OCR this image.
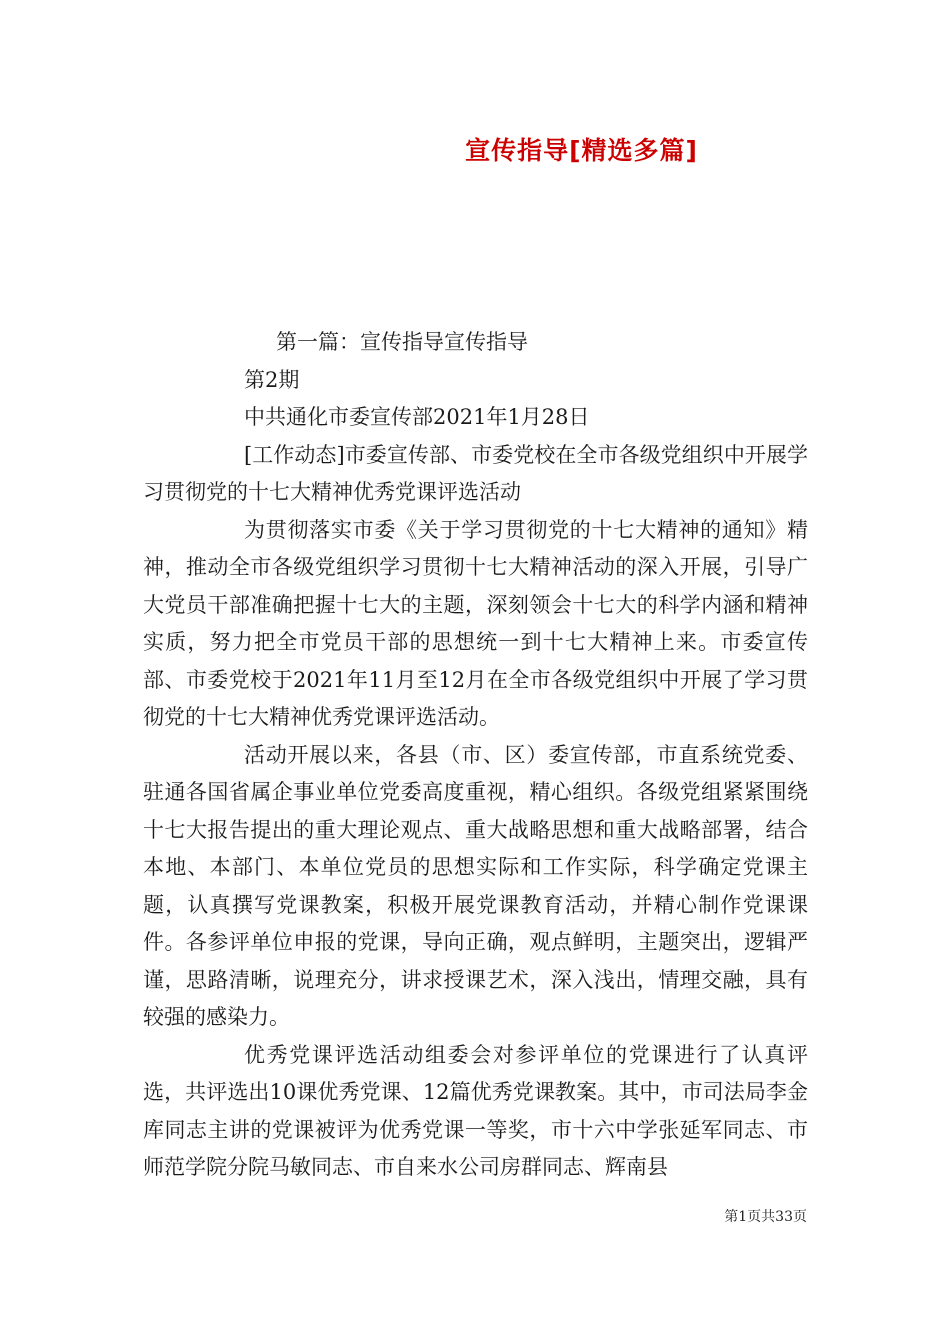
宣传指导[精选多篇]

第一篇：宣传指导宣传指导

第2期

中共通化市委宣传部2021年1月28日

[工作动态]市委宣传部、市委党校在全市各级党组织中开展学习贯彻党的十七大精神优秀党课评选活动

为贯彻落实市委《关于学习贯彻党的十七大精神的通知》精神，推动全市各级党组织学习贯彻十七大精神活动的深入开展，引导广大党员干部准确把握十七大的主题，深刻领会十七大的科学内涵和精神实质，努力把全市党员干部的思想统一到十七大精神上来。市委宣传部、市委党校于2021年11月至12月在全市各级党组织中开展了学习贯彻党的十七大精神优秀党课评选活动。

活动开展以来，各县（市、区）委宣传部，市直系统党委、驻通各国省属企事业单位党委高度重视，精心组织。各级党组紧紧围绕十七大报告提出的重大理论观点、重大战略思想和重大战略部署，结合本地、本部门、本单位党员的思想实际和工作实际，科学确定党课主题，认真撰写党课教案，积极开展党课教育活动，并精心制作党课课件。各参评单位申报的党课，导向正确，观点鲜明，主题突出，逻辑严谨，思路清晰，说理充分，讲求授课艺术，深入浅出，情理交融，具有较强的感染力。

优秀党课评选活动组委会对参评单位的党课进行了认真评选，共评选出10课优秀党课、12篇优秀党课教案。其中，市司法局李金库同志主讲的党课被评为优秀党课一等奖，市十六中学张延军同志、市师范学院分院马敏同志、市自来水公司房群同志、辉南县

第1页共33页
